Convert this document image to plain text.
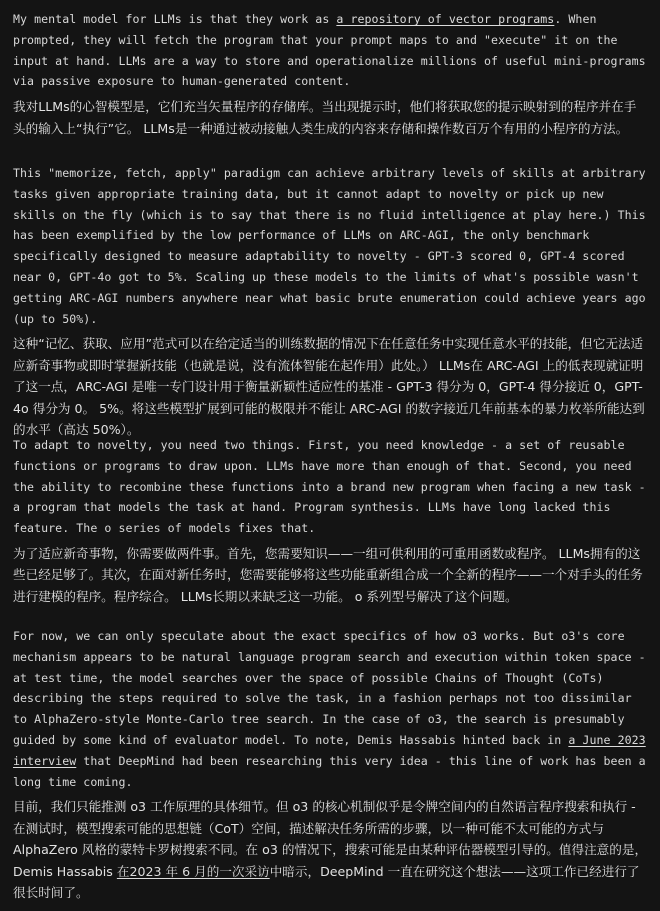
My mental model for LLMs is that they work as a repository of vector programs. When prompted, they will fetch the program that your prompt maps to and "execute" it on the input at hand. LLMs are a way to store and operationalize millions of useful mini-programs via passive exposure to human-generated content.

我对LLMs的心智模型是，它们充当矢量程序的存储库。当出现提示时，他们将获取您的提示映射到的程序并在手头的输入上“执行”它。 LLMs是一种通过被动接触人类生成的内容来存储和操作数百万个有用的小程序的方法。

This "memorize, fetch, apply" paradigm can achieve arbitrary levels of skills at arbitrary tasks given appropriate training data, but it cannot adapt to novelty or pick up new skills on the fly (which is to say that there is no fluid intelligence at play here.) This has been exemplified by the low performance of LLMs on ARC-AGI, the only benchmark specifically designed to measure adaptability to novelty - GPT-3 scored 0, GPT-4 scored near 0, GPT-4o got to 5%. Scaling up these models to the limits of what's possible wasn't getting ARC-AGI numbers anywhere near what basic brute enumeration could achieve years ago (up to 50%).

这种“记忆、获取、应用”范式可以在给定适当的训练数据的情况下在任意任务中实现任意水平的技能，但它无法适应新奇事物或即时掌握新技能（也就是说，没有流体智能在起作用）此处。） LLMs在 ARC-AGI 上的低表现就证明了这一点，ARC-AGI 是唯一专门设计用于衡量新颖性适应性的基准 - GPT-3 得分为 0，GPT-4 得分接近 0，GPT-4o 得分为 0。 5%。将这些模型扩展到可能的极限并不能让 ARC-AGI 的数字接近几年前基本的暴力枚举所能达到的水平（高达 50%）。

To adapt to novelty, you need two things. First, you need knowledge - a set of reusable functions or programs to draw upon. LLMs have more than enough of that. Second, you need the ability to recombine these functions into a brand new program when facing a new task - a program that models the task at hand. Program synthesis. LLMs have long lacked this feature. The o series of models fixes that.

为了适应新奇事物，你需要做两件事。首先，您需要知识——一组可供利用的可重用函数或程序。 LLMs拥有的这些已经足够了。其次，在面对新任务时，您需要能够将这些功能重新组合成一个全新的程序——一个对手头的任务进行建模的程序。程序综合。 LLMs长期以来缺乏这一功能。 o 系列型号解决了这个问题。

For now, we can only speculate about the exact specifics of how o3 works. But o3's core mechanism appears to be natural language program search and execution within token space - at test time, the model searches over the space of possible Chains of Thought (CoTs) describing the steps required to solve the task, in a fashion perhaps not too dissimilar to AlphaZero-style Monte-Carlo tree search. In the case of o3, the search is presumably guided by some kind of evaluator model. To note, Demis Hassabis hinted back in a June 2023 interview that DeepMind had been researching this very idea - this line of work has been a long time coming.

目前，我们只能推测 o3 工作原理的具体细节。但 o3 的核心机制似乎是令牌空间内的自然语言程序搜索和执行 - 在测试时，模型搜索可能的思想链（CoT）空间，描述解决任务所需的步骤，以一种可能不太可能的方式与 AlphaZero 风格的蒙特卡罗树搜索不同。在 o3 的情况下，搜索可能是由某种评估器模型引导的。值得注意的是，Demis Hassabis 在2023 年 6 月的一次采访中暗示，DeepMind 一直在研究这个想法——这项工作已经进行了很长时间了。
